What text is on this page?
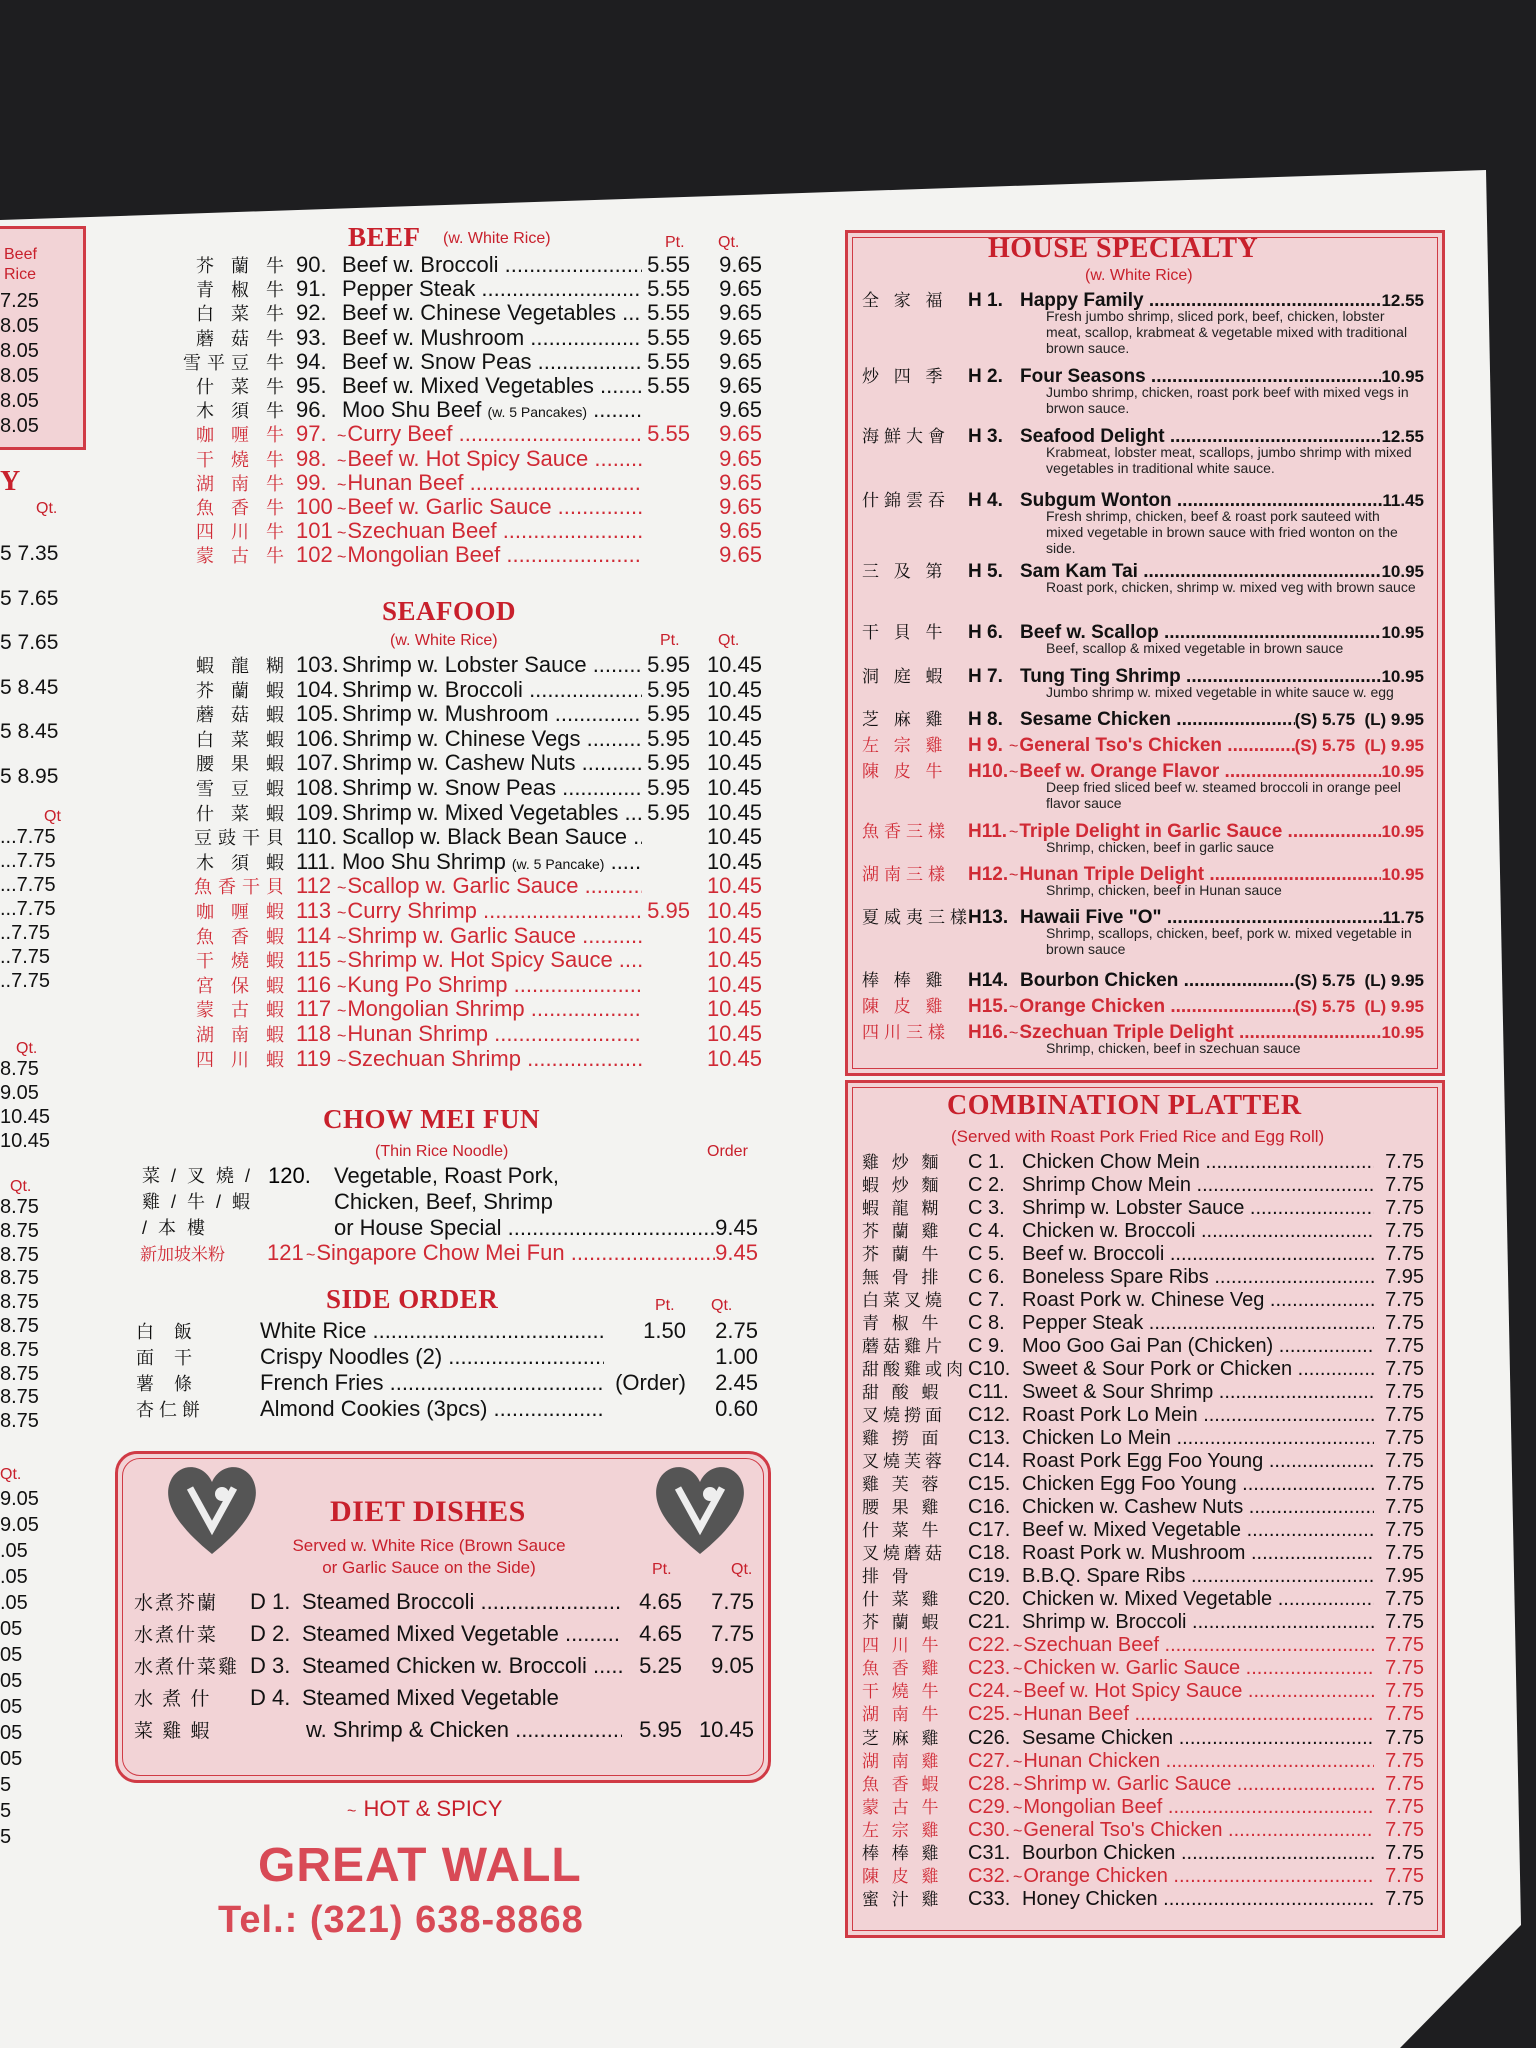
Beef
Rice
7.25
8.05
8.05
8.05
8.05
8.05
Y
Qt.
5 7.35
5 7.65
5 7.65
5 8.45
5 8.45
5 8.95
Qt
...7.75
...7.75
...7.75
...7.75
..7.75
..7.75
..7.75
Qt.
8.75
9.05
10.45
10.45
Qt.
8.75
8.75
8.75
8.75
8.75
8.75
8.75
8.75
8.75
8.75
Qt.
9.05
9.05
.05
.05
.05
05
05
05
05
05
05
5
5
5
BEEF (w. White Rice)	Pt. Qt.
芥 蘭 牛 90. Beef w. Broccoli .....	5.55	9.65
青 椒 牛 91. Pepper Steak .....	5.55	9.65
白 菜 牛 92. Beef w. Chinese Vegetables .....	5.55	9.65
蘑 菇 牛 93. Beef w. Mushroom .....	5.55	9.65
雪平豆 牛 94. Beef w. Snow Peas .....	5.55	9.65
什 菜 牛 95. Beef w. Mixed Vegetables .....	5.55	9.65
木 須 牛 96. Moo Shu Beef (w. 5 Pancakes) .....	9.65
咖 喱 牛 97. ~ Curry Beef .....	5.55	9.65
干 燒 牛 98. ~ Beef w. Hot Spicy Sauce .....	9.65
湖 南 牛 99. ~ Hunan Beef .....	9.65
魚 香 牛 100 ~ Beef w. Garlic Sauce .....	9.65
四 川 牛 101 ~ Szechuan Beef .....	9.65
蒙 古 牛 102 ~ Mongolian Beef .....	9.65
SEAFOOD
(w. White Rice)	Pt. Qt.
蝦 龍 糊 103. Shrimp w. Lobster Sauce .....	5.95 10.45
芥 蘭 蝦 104. Shrimp w. Broccoli .....	5.95 10.45
蘑 菇 蝦 105. Shrimp w. Mushroom .....	5.95 10.45
白 菜 蝦 106. Shrimp w. Chinese Vegs .....	5.95 10.45
腰 果 蝦 107. Shrimp w. Cashew Nuts .....	5.95 10.45
雪 豆 蝦 108. Shrimp w. Snow Peas .....	5.95 10.45
什 菜 蝦 109. Shrimp w. Mixed Vegetables .....	5.95 10.45
豆豉干貝 110. Scallop w. Black Bean Sauce .....	10.45
木 須 蝦 111. Moo Shu Shrimp (w. 5 Pancake) .....	10.45
魚香干貝 112 ~ Scallop w. Garlic Sauce .....	10.45
咖 喱 蝦 113 ~ Curry Shrimp .....	5.95 10.45
魚 香 蝦 114 ~ Shrimp w. Garlic Sauce .....	10.45
干 燒 蝦 115 ~ Shrimp w. Hot Spicy Sauce .....	10.45
宮 保 蝦 116 ~ Kung Po Shrimp .....	10.45
蒙 古 蝦 117 ~ Mongolian Shrimp .....	10.45
湖 南 蝦 118 ~ Hunan Shrimp .....	10.45
四 川 蝦 119 ~ Szechuan Shrimp .....	10.45
CHOW MEI FUN
(Thin Rice Noodle)	Order
菜 / 叉 燒 /
雞 / 牛 / 蝦
/ 本 樓
120. Vegetable, Roast Pork,
Chicken, Beef, Shrimp
or House Special .....	9.45
新加坡米粉	121 ~ Singapore Chow Mei Fun .....	9.45
SIDE ORDER	Pt. Qt.
白    飯	White Rice .....	1.50	2.75
面    干	Crispy Noodles (2) .....	1.00
薯    條	French Fries .....	(Order)	2.45
杏 仁 餅	Almond Cookies (3pcs) .....	0.60
DIET DISHES
Served w. White Rice (Brown Sauce
or Garlic Sauce on the Side)	Pt.	Qt.
水煮芥蘭	D 1. Steamed Broccoli .....	4.65	7.75
水煮什菜	D 2. Steamed Mixed Vegetable .....	4.65	7.75
水煮什菜雞 D 3. Steamed Chicken w. Broccoli .....	5.25	9.05
水 煮 什	D 4. Steamed Mixed Vegetable
菜 雞 蝦	w. Shrimp & Chicken .....	5.95 10.45
~ HOT & SPICY
GREAT WALL
Tel.: (321) 638-8868
HOUSE SPECIALTY
(w. White Rice)
全 家 福	H 1. Happy Family .....	12.55
Fresh jumbo shrimp, sliced pork, beef, chicken, lobster meat, scallop, krabmeat & vegetable mixed with traditional brown sauce.
炒 四 季	H 2. Four Seasons .....	10.95
Jumbo shrimp, chicken, roast pork beef with mixed vegs in brwon sauce.
海鮮大會 H 3. Seafood Delight .....	12.55
Krabmeat, lobster meat, scallops, jumbo shrimp with mixed vegetables in traditional white sauce.
什錦雲吞 H 4. Subgum Wonton .....	11.45
Fresh shrimp, chicken, beef & roast pork sauteed with mixed vegetable in brown sauce with fried wonton on the side.
三 及 第	H 5. Sam Kam Tai .....	10.95
Roast pork, chicken, shrimp w. mixed veg with brown sauce
干 貝 牛	H 6. Beef w. Scallop .....	10.95
Beef, scallop & mixed vegetable in brown sauce
洞 庭 蝦	H 7. Tung Ting Shrimp .....	10.95
Jumbo shrimp w. mixed vegetable in white sauce w. egg
芝 麻 雞	H 8. Sesame Chicken .....	(S) 5.75  (L) 9.95
左 宗 雞	H 9. ~ General Tso's Chicken .....	(S) 5.75  (L) 9.95
陳 皮 牛	H10. ~ Beef w. Orange Flavor .....	10.95
Deep fried sliced beef w. steamed broccoli in orange peel flavor sauce
魚香三樣 H11. ~ Triple Delight in Garlic Sauce .....	10.95
Shrimp, chicken, beef in garlic sauce
湖南三樣 H12. ~ Hunan Triple Delight .....	10.95
Shrimp, chicken, beef in Hunan sauce
夏威夷三樣
H13. Hawaii Five "O" .....	11.75
Shrimp, scallops, chicken, beef, pork w. mixed vegetable in brown sauce
棒 棒 雞	H14. Bourbon Chicken .....	(S) 5.75  (L) 9.95
陳 皮 雞	H15. ~ Orange Chicken .....	(S) 5.75  (L) 9.95
四川三樣 H16. ~ Szechuan Triple Delight .....	10.95
Shrimp, chicken, beef in szechuan sauce
COMBINATION PLATTER
(Served with Roast Pork Fried Rice and Egg Roll)
雞 炒 麵	C 1. Chicken Chow Mein .....	7.75
蝦 炒 麵	C 2. Shrimp Chow Mein .....	7.75
蝦 龍 糊	C 3. Shrimp w. Lobster Sauce .....	7.75
芥 蘭 雞	C 4. Chicken w. Broccoli .....	7.75
芥 蘭 牛	C 5. Beef w. Broccoli .....	7.75
無 骨 排	C 6. Boneless Spare Ribs .....	7.95
白菜叉燒	C 7. Roast Pork w. Chinese Veg .....	7.75
青 椒 牛	C 8. Pepper Steak .....	7.75
蘑菇雞片	C 9. Moo Goo Gai Pan (Chicken) .....	7.75
甜酸雞或肉 C10. Sweet & Sour Pork or Chicken .....	7.75
甜 酸 蝦	C11. Sweet & Sour Shrimp .....	7.75
叉燒撈面	C12. Roast Pork Lo Mein .....	7.75
雞 撈 面	C13. Chicken Lo Mein .....	7.75
叉燒芙蓉	C14. Roast Pork Egg Foo Young .....	7.75
雞 芙 蓉	C15. Chicken Egg Foo Young .....	7.75
腰 果 雞	C16. Chicken w. Cashew Nuts .....	7.75
什 菜 牛	C17. Beef w. Mixed Vegetable .....	7.75
叉燒蘑菇	C18. Roast Pork w. Mushroom .....	7.75
排 骨	C19. B.B.Q. Spare Ribs .....	7.95
什 菜 雞	C20. Chicken w. Mixed Vegetable .....	7.75
芥 蘭 蝦	C21. Shrimp w. Broccoli .....	7.75
四 川 牛	C22. ~ Szechuan Beef .....	7.75
魚 香 雞	C23. ~ Chicken w. Garlic Sauce .....	7.75
干 燒 牛	C24. ~ Beef w. Hot Spicy Sauce .....	7.75
湖 南 牛	C25. ~ Hunan Beef .....	7.75
芝 麻 雞	C26. Sesame Chicken .....	7.75
湖 南 雞	C27. ~ Hunan Chicken .....	7.75
魚 香 蝦	C28. ~ Shrimp w. Garlic Sauce .....	7.75
蒙 古 牛	C29. ~ Mongolian Beef .....	7.75
左 宗 雞	C30. ~ General Tso's Chicken .....	7.75
棒 棒 雞	C31. Bourbon Chicken .....	7.75
陳 皮 雞	C32. ~ Orange Chicken .....	7.75
蜜 汁 雞	C33. Honey Chicken .....	7.75
